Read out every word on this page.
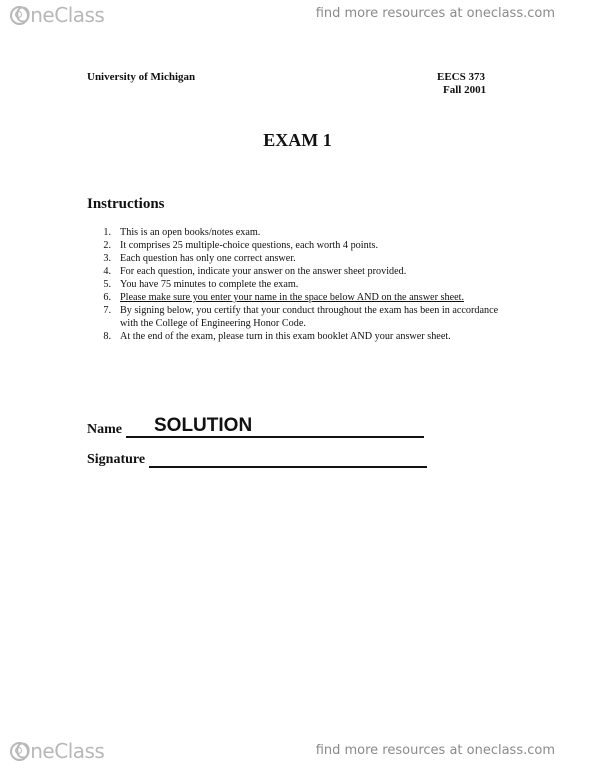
OneClass	find more resources at oneclass.com
University of Michigan	EECS 373
Fall 2001
EXAM 1
Instructions
1. This is an open books/notes exam.
2. It comprises 25 multiple-choice questions, each worth 4 points.
3. Each question has only one correct answer.
4. For each question, indicate your answer on the answer sheet provided.
5. You have 75 minutes to complete the exam.
6. Please make sure you enter your name in the space below AND on the answer sheet.
7. By signing below, you certify that your conduct throughout the exam has been in accordance with the College of Engineering Honor Code.
8. At the end of the exam, please turn in this exam booklet AND your answer sheet.
Name SOLUTION
Signature
OneClass	find more resources at oneclass.com
